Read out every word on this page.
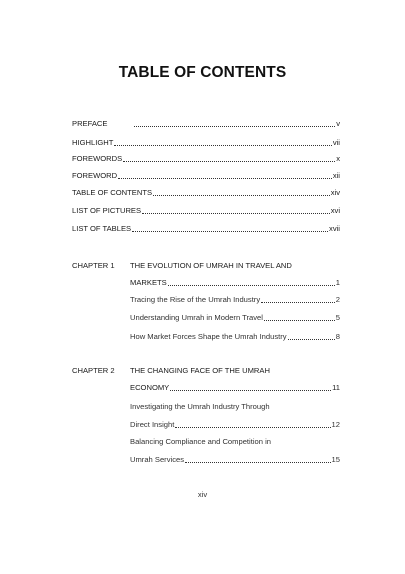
TABLE OF CONTENTS
PREFACE	v
HIGHLIGHT	vii
FOREWORDS	x
FOREWORD	xii
TABLE OF CONTENTS	xiv
LIST OF PICTURES	xvi
LIST OF TABLES	xvii
CHAPTER 1 THE EVOLUTION OF UMRAH IN TRAVEL AND
MARKETS	1
Tracing the Rise of the Umrah Industry	2
Understanding Umrah in Modern Travel	5
How Market Forces Shape the Umrah Industry	8
CHAPTER 2 THE CHANGING FACE OF THE UMRAH
ECONOMY	11
Investigating the Umrah Industry Through
Direct Insight	12
Balancing Compliance and Competition in
Umrah Services	15
xiv
